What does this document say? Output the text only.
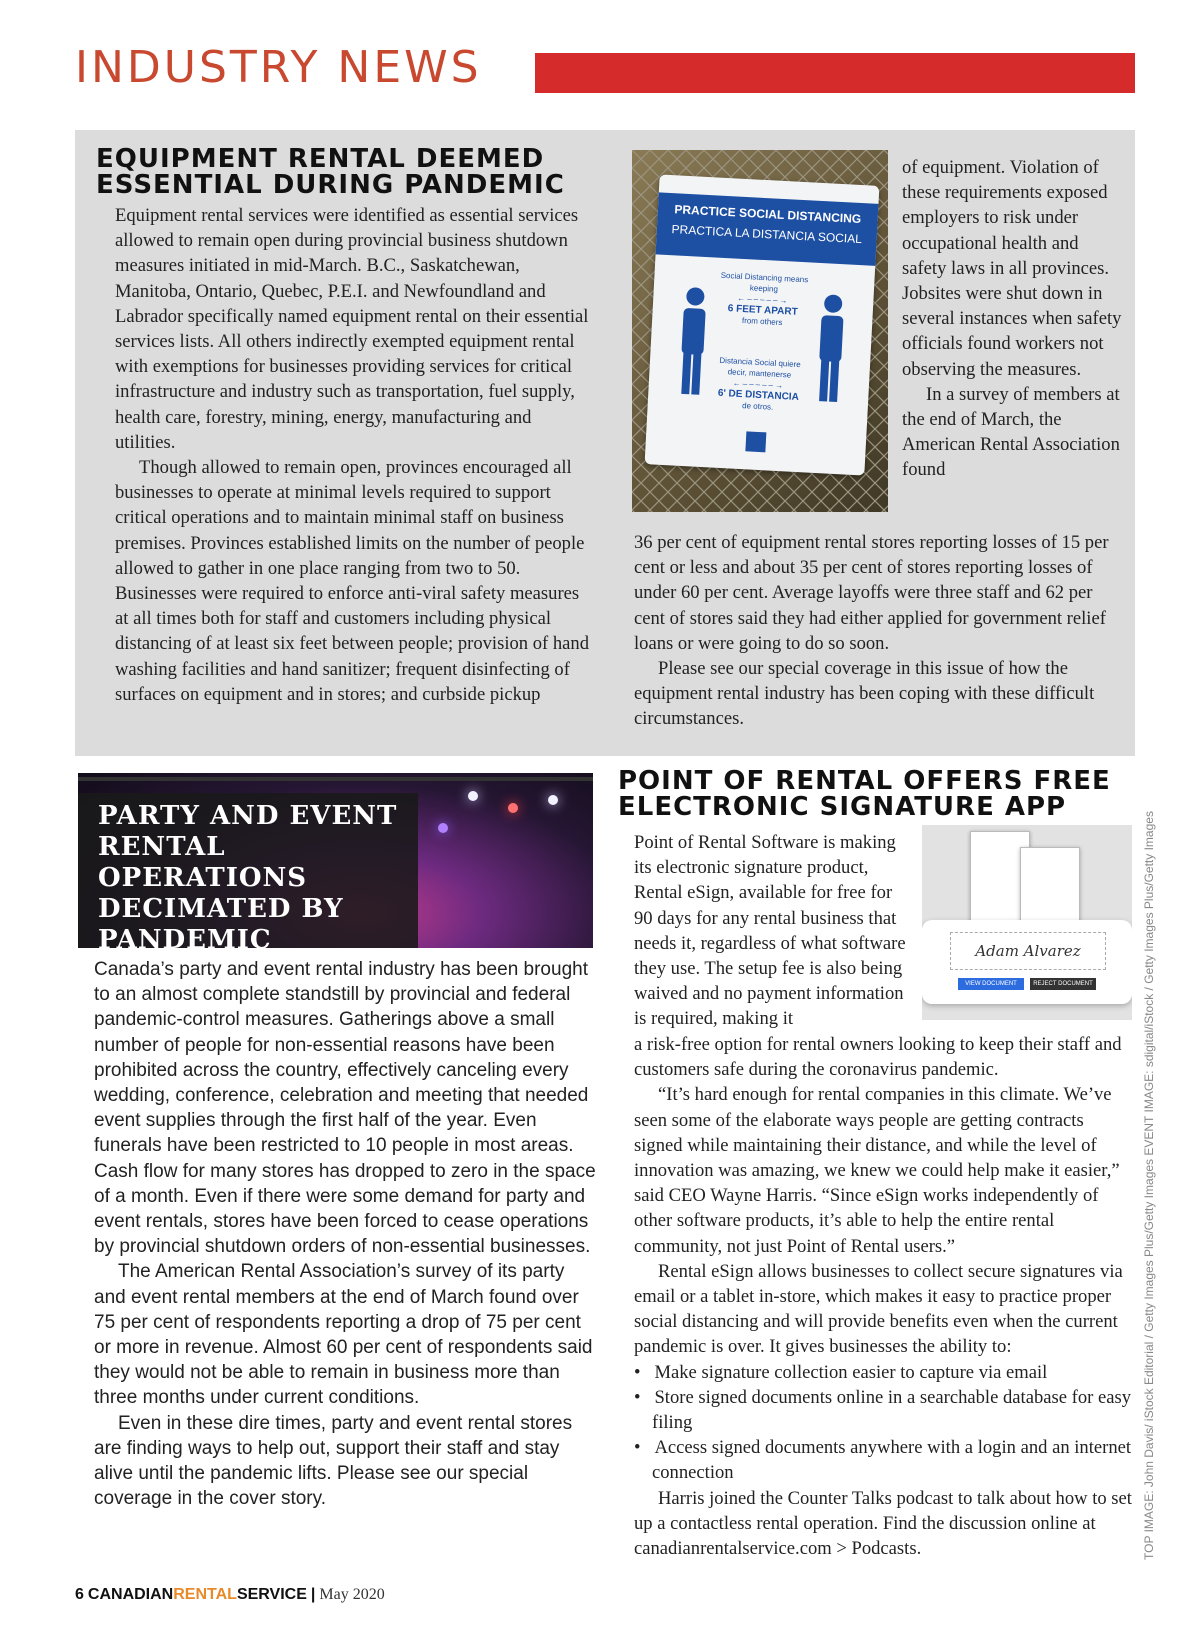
INDUSTRY NEWS
EQUIPMENT RENTAL DEEMED
ESSENTIAL DURING PANDEMIC

Equipment rental services were identified as essential services allowed to remain open during provincial business shutdown measures initiated in mid-March. B.C., Saskatchewan, Manitoba, Ontario, Quebec, P.E.I. and Newfoundland and Labrador specifically named equipment rental on their essential services lists. All others indirectly exempted equipment rental with exemptions for businesses providing services for critical infrastructure and industry such as transportation, fuel supply, health care, forestry, mining, energy, manufacturing and utilities.

Though allowed to remain open, provinces encouraged all businesses to operate at minimal levels required to support critical operations and to maintain minimal staff on business premises. Provinces established limits on the number of people allowed to gather in one place ranging from two to 50. Businesses were required to enforce anti-viral safety measures at all times both for staff and customers including physical distancing of at least six feet between people; provision of hand washing facilities and hand sanitizer; frequent disinfecting of surfaces on equipment and in stores; and curbside pickup

PRACTICE SOCIAL DISTANCING
PRACTICA LA DISTANCIA SOCIAL
Social Distancing means keeping
←‒‒‒‒‒→
6 FEET APART
from others
Distancia Social quiere decir, mantenerse
←‒‒‒‒‒→
6' DE DISTANCIA
de otros.

of equipment. Violation of these requirements exposed employers to risk under occupational health and safety laws in all provinces. Jobsites were shut down in several instances when safety officials found workers not observing the measures.

In a survey of members at the end of March, the American Rental Association found

36 per cent of equipment rental stores reporting losses of 15 per cent or less and about 35 per cent of stores reporting losses of under 60 per cent. Average layoffs were three staff and 62 per cent of stores said they had either applied for government relief loans or were going to do so soon.

Please see our special coverage in this issue of how the equipment rental industry has been coping with these difficult circumstances.

PARTY AND EVENT RENTAL OPERATIONS DECIMATED BY PANDEMIC

Canada’s party and event rental industry has been brought to an almost complete standstill by provincial and federal pandemic-control measures. Gatherings above a small number of people for non-essential reasons have been prohibited across the country, effectively canceling every wedding, conference, celebration and meeting that needed event supplies through the first half of the year. Even funerals have been restricted to 10 people in most areas. Cash flow for many stores has dropped to zero in the space of a month. Even if there were some demand for party and event rentals, stores have been forced to cease operations by provincial shutdown orders of non-essential businesses.

The American Rental Association’s survey of its party and event rental members at the end of March found over 75 per cent of respondents reporting a drop of 75 per cent or more in revenue. Almost 60 per cent of respondents said they would not be able to remain in business more than three months under current conditions.

Even in these dire times, party and event rental stores are finding ways to help out, support their staff and stay alive until the pandemic lifts. Please see our special coverage in the cover story.

POINT OF RENTAL OFFERS FREE
ELECTRONIC SIGNATURE APP
Adam Alvarez
VIEW DOCUMENT	REJECT DOCUMENT

Point of Rental Software is making its electronic signature product, Rental eSign, available for free for 90 days for any rental business that needs it, regardless of what software they use. The setup fee is also being waived and no payment information is required, making it

a risk-free option for rental owners looking to keep their staff and customers safe during the coronavirus pandemic.

“It’s hard enough for rental companies in this climate. We’ve seen some of the elaborate ways people are getting contracts signed while maintaining their distance, and while the level of innovation was amazing, we knew we could help make it easier,” said CEO Wayne Harris. “Since eSign works independently of other software products, it’s able to help the entire rental community, not just Point of Rental users.”

Rental eSign allows businesses to collect secure signatures via email or a tablet in-store, which makes it easy to practice proper social distancing and will provide benefits even when the current pandemic is over. It gives businesses the ability to:

•   Make signature collection easier to capture via email
•   Store signed documents online in a searchable database for easy filing
•   Access signed documents anywhere with a login and an internet connection

Harris joined the Counter Talks podcast to talk about how to set up a contactless rental operation. Find the discussion online at canadianrentalservice.com > Podcasts.	TOP IMAGE: John Davis/ iStock Editorial / Getty Images Plus/Getty Images EVENT IMAGE: sdigital/iStock / Getty Images Plus/Getty Images
6 CANADIANRENTALSERVICE | May 2020
